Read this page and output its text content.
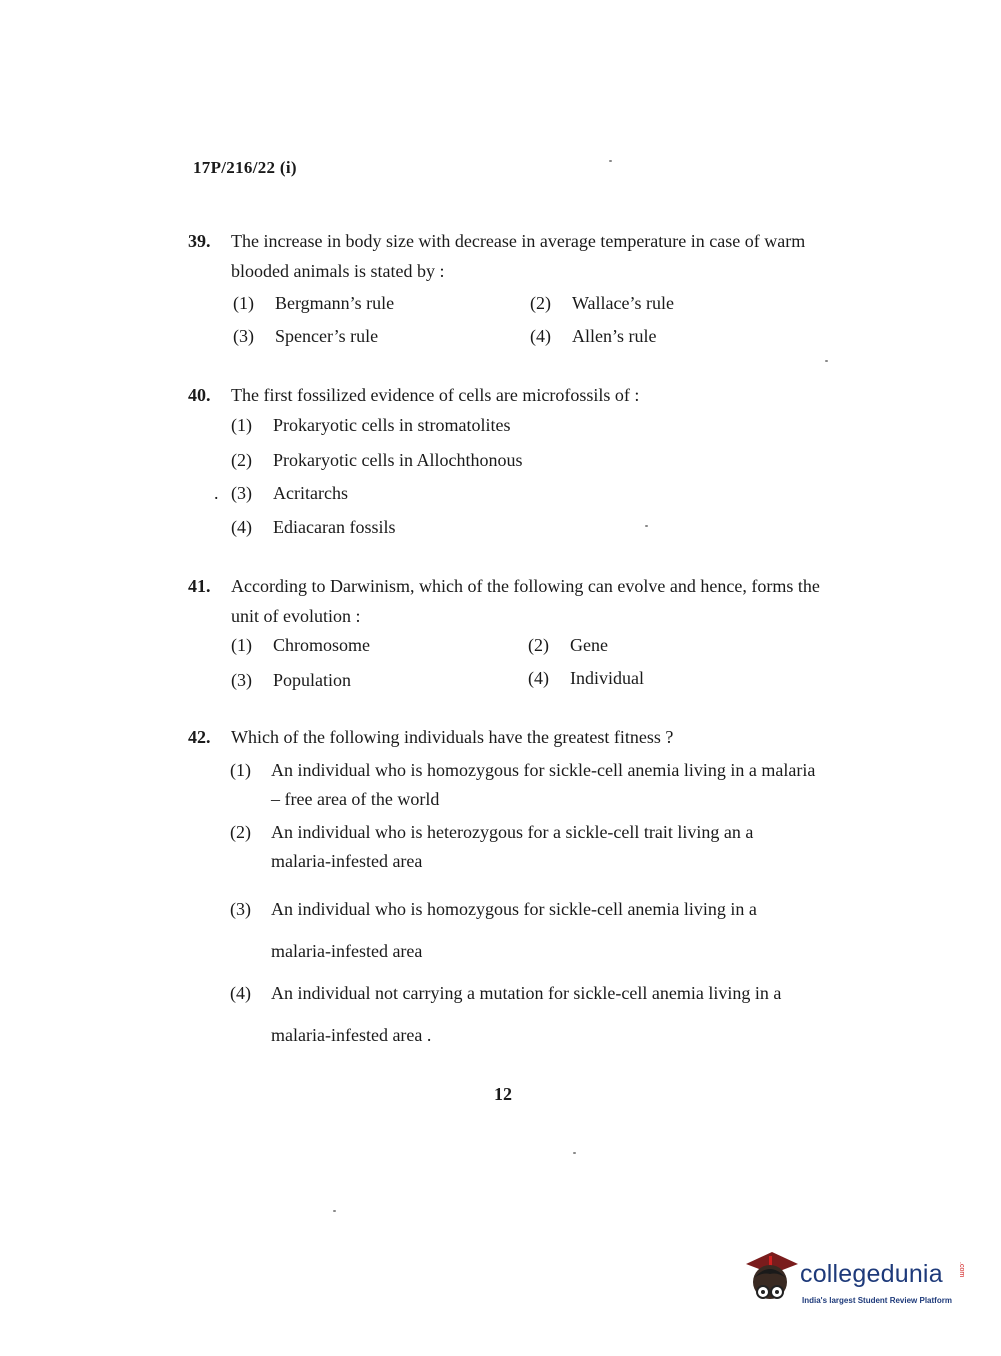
17P/216/22 (i)
39. The increase in body size with decrease in average temperature in case of warm blooded animals is stated by :
(1) Bergmann’s rule	(2) Wallace’s rule
(3) Spencer’s rule	(4) Allen’s rule
40. The first fossilized evidence of cells are microfossils of :
(1) Prokaryotic cells in stromatolites
(2) Prokaryotic cells in Allochthonous
. (3) Acritarchs
(4) Ediacaran fossils
41. According to Darwinism, which of the following can evolve and hence, forms the unit of evolution :
(1) Chromosome	(2) Gene
(3) Population	(4) Individual
42. Which of the following individuals have the greatest fitness ?
(1) An individual who is homozygous for sickle-cell anemia living in a malaria – free area of the world
(2) An individual who is heterozygous for a sickle-cell trait living an a malaria-infested area
(3) An individual who is homozygous for sickle-cell anemia living in a malaria-infested area
(4) An individual not carrying a mutation for sickle-cell anemia living in a malaria-infested area .
12
collegedunia .com
India's largest Student Review Platform
